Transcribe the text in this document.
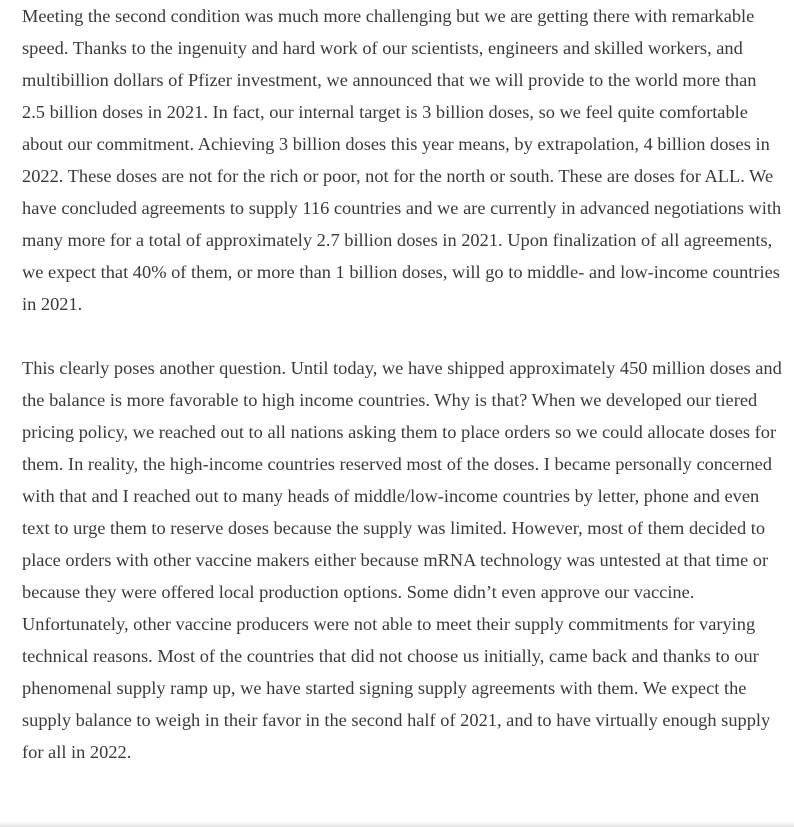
Meeting the second condition was much more challenging but we are getting there with remarkable speed. Thanks to the ingenuity and hard work of our scientists, engineers and skilled workers, and multibillion dollars of Pfizer investment, we announced that we will provide to the world more than 2.5 billion doses in 2021. In fact, our internal target is 3 billion doses, so we feel quite comfortable about our commitment. Achieving 3 billion doses this year means, by extrapolation, 4 billion doses in 2022. These doses are not for the rich or poor, not for the north or south. These are doses for ALL. We have concluded agreements to supply 116 countries and we are currently in advanced negotiations with many more for a total of approximately 2.7 billion doses in 2021. Upon finalization of all agreements, we expect that 40% of them, or more than 1 billion doses, will go to middle- and low-income countries in 2021.

This clearly poses another question. Until today, we have shipped approximately 450 million doses and the balance is more favorable to high income countries. Why is that? When we developed our tiered pricing policy, we reached out to all nations asking them to place orders so we could allocate doses for them. In reality, the high-income countries reserved most of the doses. I became personally concerned with that and I reached out to many heads of middle/low-income countries by letter, phone and even text to urge them to reserve doses because the supply was limited. However, most of them decided to place orders with other vaccine makers either because mRNA technology was untested at that time or because they were offered local production options. Some didn’t even approve our vaccine. Unfortunately, other vaccine producers were not able to meet their supply commitments for varying technical reasons. Most of the countries that did not choose us initially, came back and thanks to our phenomenal supply ramp up, we have started signing supply agreements with them. We expect the supply balance to weigh in their favor in the second half of 2021, and to have virtually enough supply for all in 2022.
